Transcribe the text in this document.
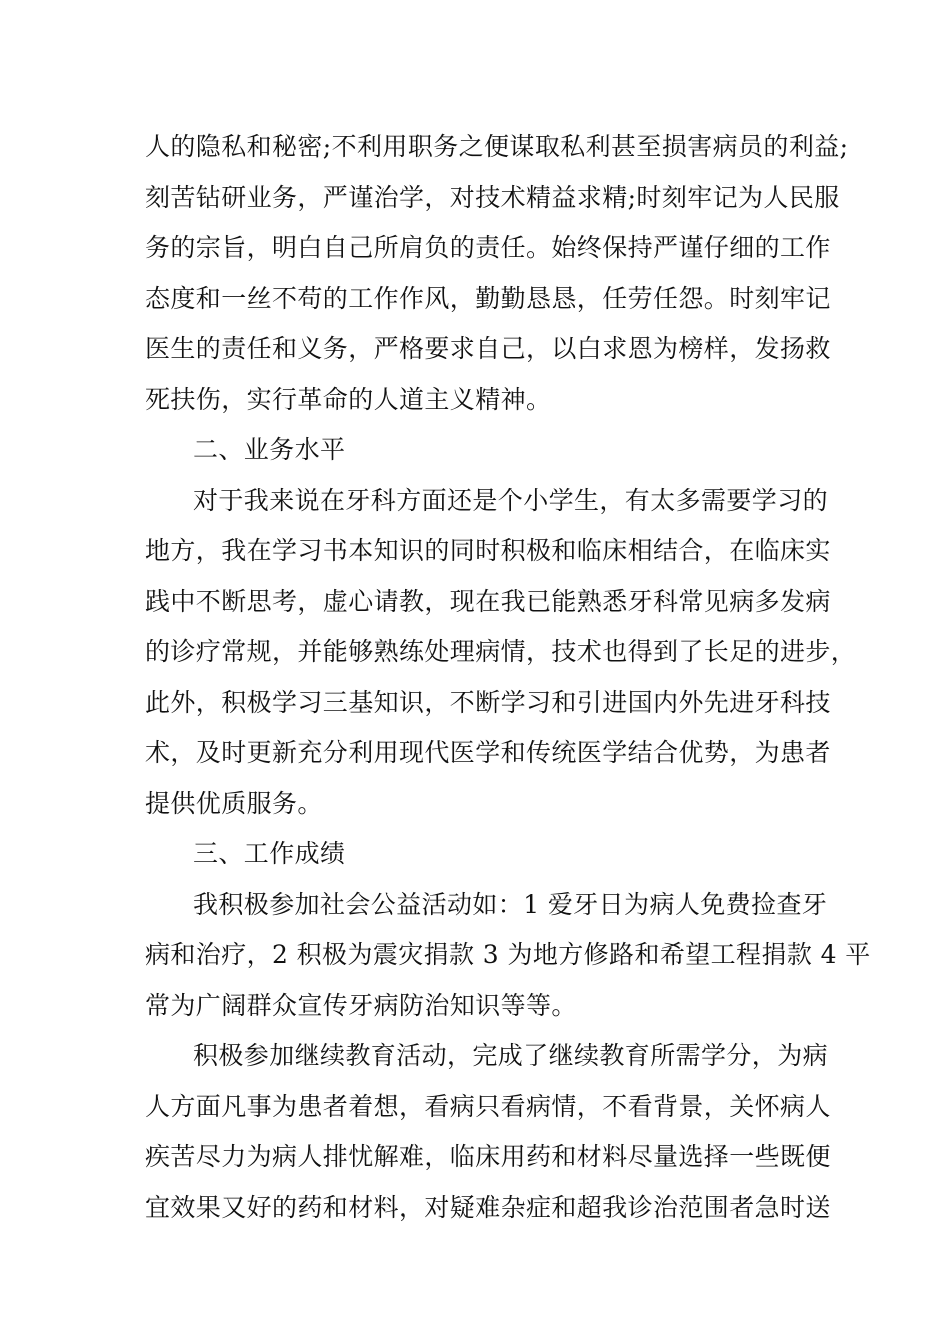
人的隐私和秘密;不利用职务之便谋取私利甚至损害病员的利益;
刻苦钻研业务，严谨治学，对技术精益求精;时刻牢记为人民服
务的宗旨，明白自己所肩负的责任。始终保持严谨仔细的工作
态度和一丝不苟的工作作风，勤勤恳恳，任劳任怨。时刻牢记
医生的责任和义务，严格要求自己，以白求恩为榜样，发扬救
死扶伤，实行革命的人道主义精神。
二、业务水平
对于我来说在牙科方面还是个小学生，有太多需要学习的
地方，我在学习书本知识的同时积极和临床相结合，在临床实
践中不断思考，虚心请教，现在我已能熟悉牙科常见病多发病
的诊疗常规，并能够熟练处理病情，技术也得到了长足的进步，
此外，积极学习三基知识，不断学习和引进国内外先进牙科技
术，及时更新充分利用现代医学和传统医学结合优势，为患者
提供优质服务。
三、工作成绩
我积极参加社会公益活动如：1 爱牙日为病人免费捡查牙
病和治疗，2 积极为震灾捐款 3 为地方修路和希望工程捐款 4 平
常为广阔群众宣传牙病防治知识等等。
积极参加继续教育活动，完成了继续教育所需学分，为病
人方面凡事为患者着想，看病只看病情，不看背景，关怀病人
疾苦尽力为病人排忧解难，临床用药和材料尽量选择一些既便
宜效果又好的药和材料，对疑难杂症和超我诊治范围者急时送
